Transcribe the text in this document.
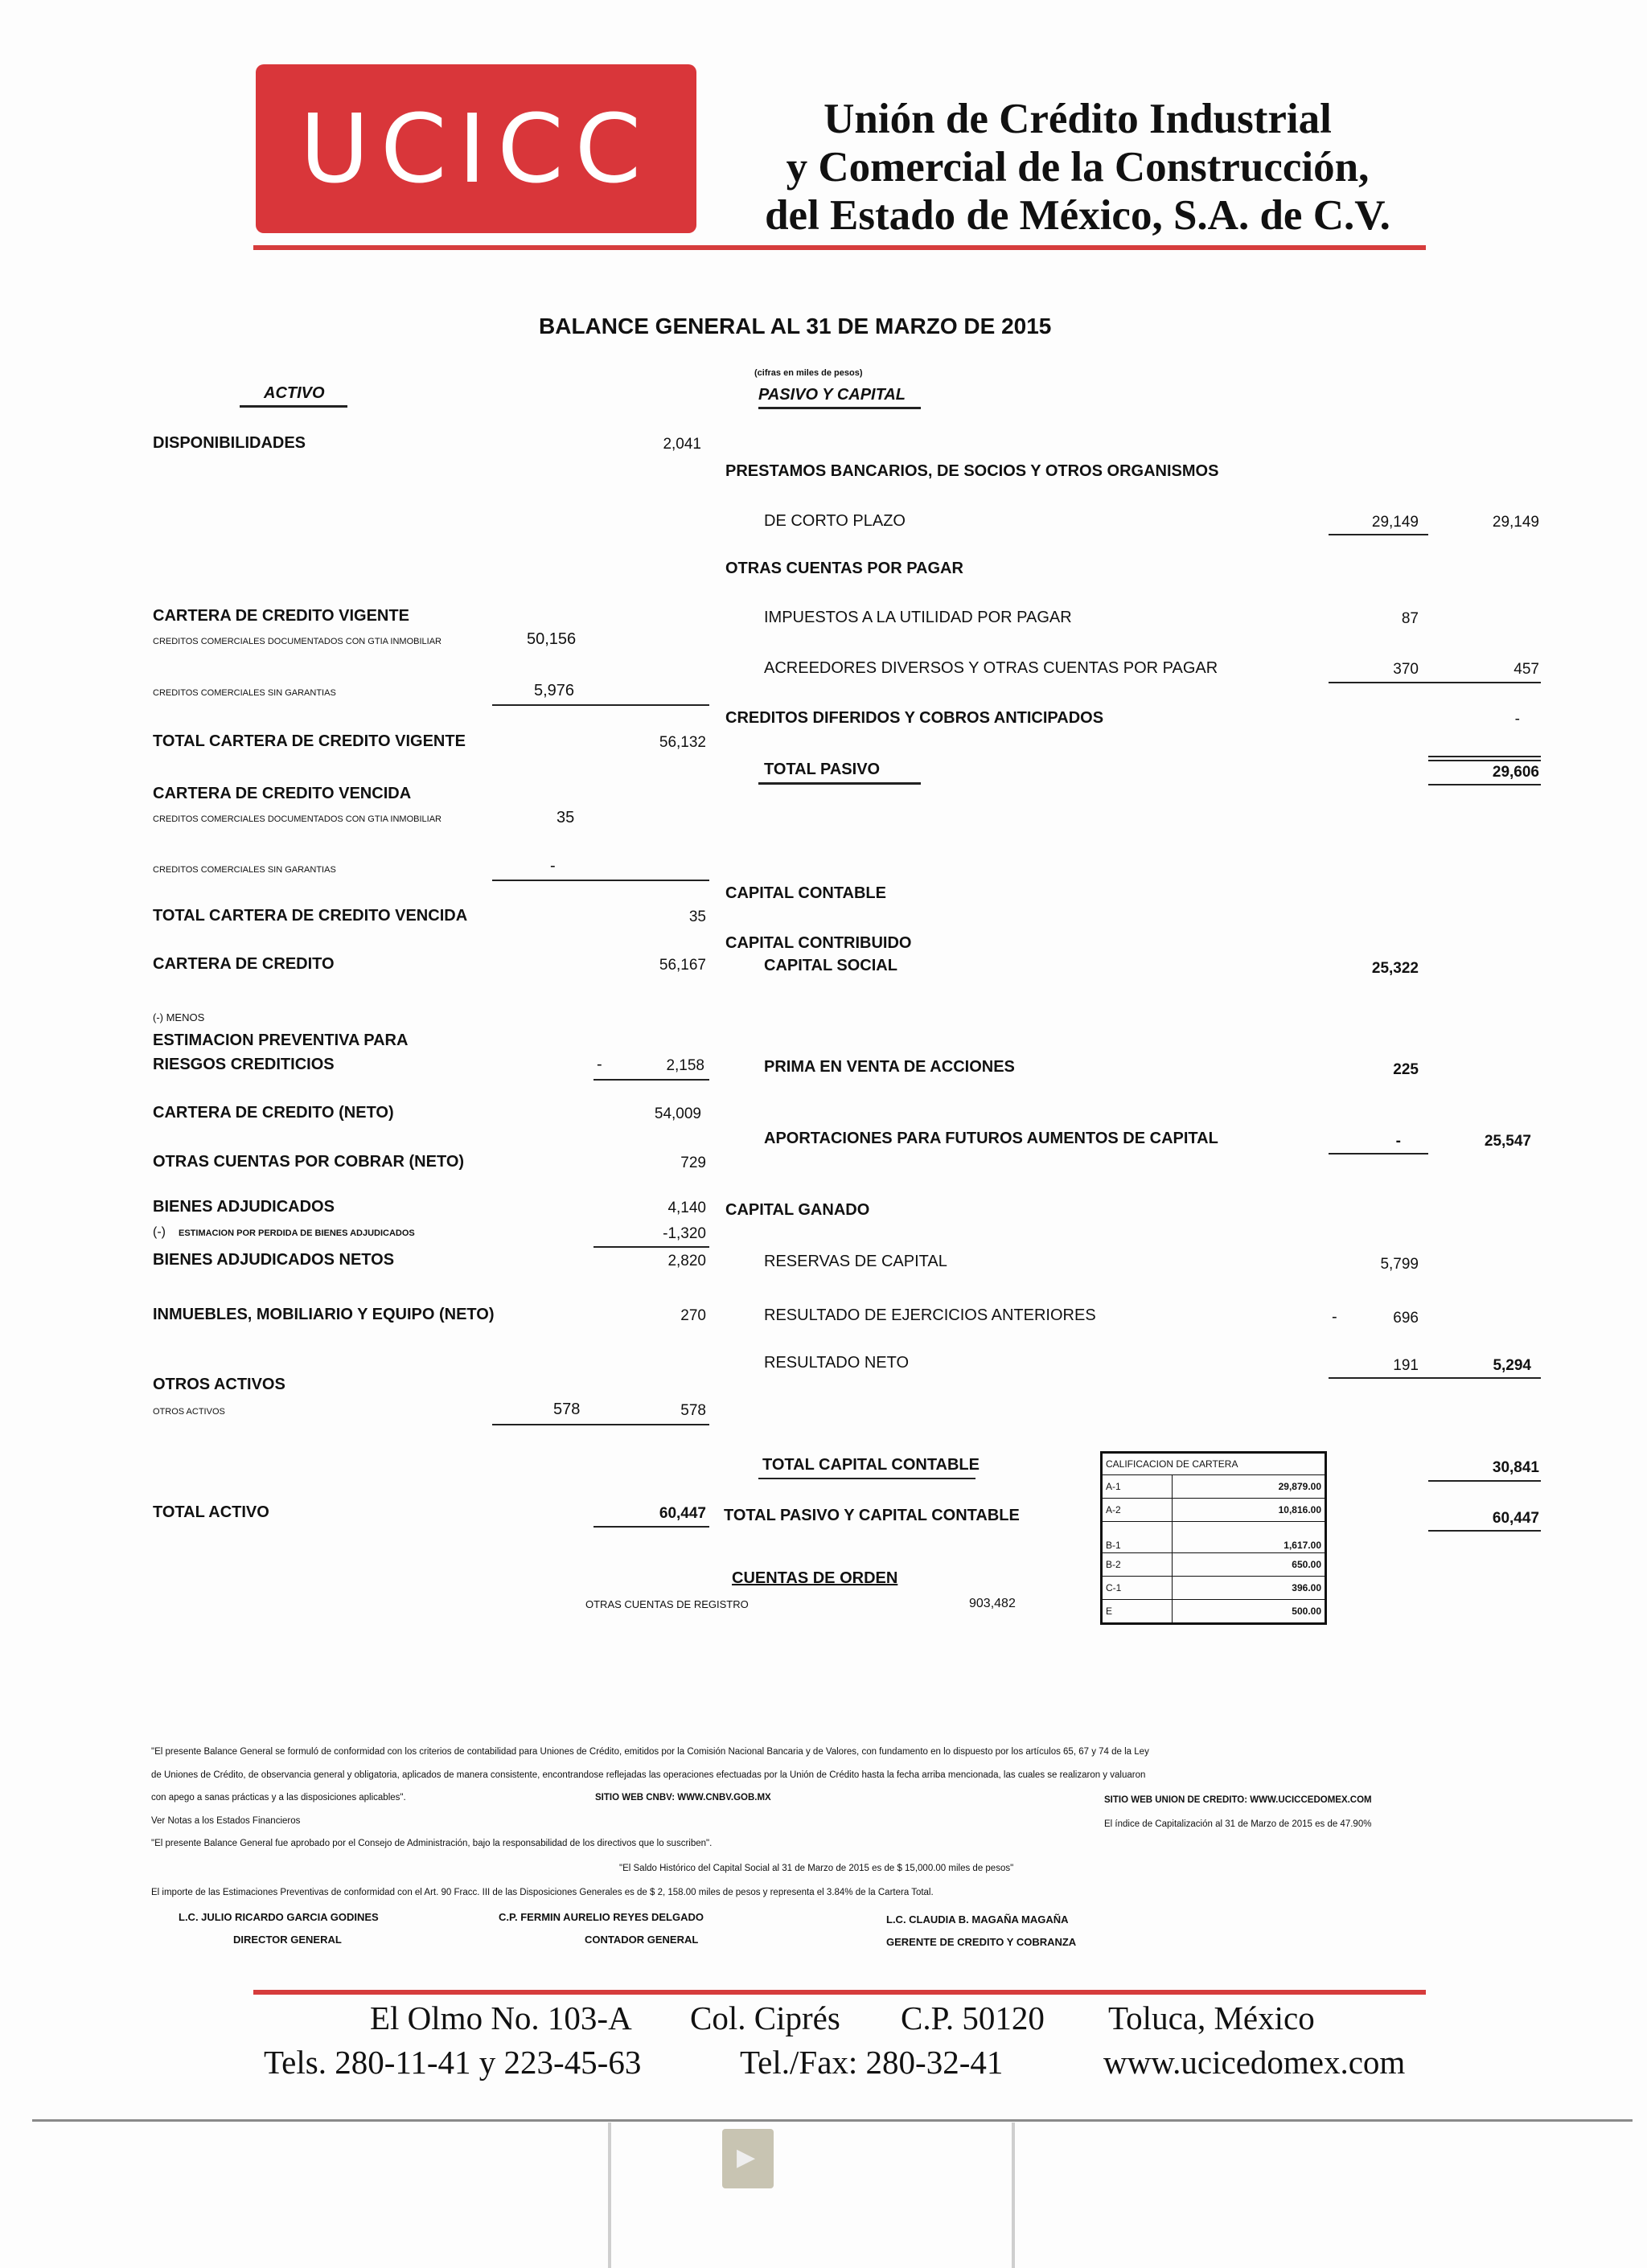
UCICC	Unión de Crédito Industrial
y Comercial de la Construcción,
del Estado de México, S.A. de C.V.
BALANCE GENERAL AL 31 DE MARZO DE 2015
(cifras en miles de pesos)
ACTIVO
DISPONIBILIDADES	2,041
CARTERA DE CREDITO VIGENTE
CREDITOS COMERCIALES DOCUMENTADOS CON GTIA INMOBILIAR	50,156
CREDITOS COMERCIALES SIN GARANTIAS	5,976
TOTAL CARTERA DE CREDITO VIGENTE	56,132
CARTERA DE CREDITO VENCIDA
CREDITOS COMERCIALES DOCUMENTADOS CON GTIA INMOBILIAR	35
CREDITOS COMERCIALES SIN GARANTIAS	-
TOTAL CARTERA DE CREDITO VENCIDA	35
CARTERA DE CREDITO	56,167
(-) MENOS
ESTIMACION PREVENTIVA PARA
RIESGOS CREDITICIOS	-	2,158
CARTERA DE CREDITO (NETO)	54,009
OTRAS CUENTAS POR COBRAR (NETO)	729
BIENES ADJUDICADOS	4,140
(-) ESTIMACION POR PERDIDA DE BIENES ADJUDICADOS	-1,320
BIENES ADJUDICADOS NETOS	2,820
INMUEBLES, MOBILIARIO Y EQUIPO (NETO)	270
OTROS ACTIVOS
OTROS ACTIVOS	578	578
TOTAL ACTIVO	60,447
PASIVO Y CAPITAL
PRESTAMOS BANCARIOS, DE SOCIOS Y OTROS ORGANISMOS
DE CORTO PLAZO	29,149	29,149
OTRAS CUENTAS POR PAGAR
IMPUESTOS A LA UTILIDAD POR PAGAR	87
ACREEDORES DIVERSOS Y OTRAS CUENTAS POR PAGAR	370	457
CREDITOS DIFERIDOS Y COBROS ANTICIPADOS	-
TOTAL PASIVO	29,606
CAPITAL CONTABLE
CAPITAL CONTRIBUIDO
CAPITAL SOCIAL	25,322
PRIMA EN VENTA DE ACCIONES	225
APORTACIONES PARA FUTUROS AUMENTOS DE CAPITAL	-	25,547
CAPITAL GANADO
RESERVAS DE CAPITAL	5,799
RESULTADO DE EJERCICIOS ANTERIORES	-	696
RESULTADO NETO	191	5,294
TOTAL CAPITAL CONTABLE	30,841
TOTAL PASIVO Y CAPITAL CONTABLE	60,447
CUENTAS DE ORDEN
OTRAS CUENTAS DE REGISTRO	903,482
CALIFICACION DE CARTERA	
A-1	29,879.00
A-2	10,816.00
B-1	1,617.00
B-2	650.00
C-1	396.00
E	500.00
"El presente Balance General se formuló de conformidad con los criterios de contabilidad para Uniones de Crédito, emitidos por la Comisión Nacional Bancaria y de Valores, con fundamento en lo dispuesto por los artículos 65, 67 y 74 de la Ley
de Uniones de Crédito, de observancia general y obligatoria, aplicados de manera consistente, encontrandose reflejadas las operaciones efectuadas por la Unión de Crédito hasta la fecha arriba mencionada, las cuales se realizaron y valuaron
con apego a sanas prácticas y a las disposiciones aplicables".	SITIO WEB CNBV: WWW.CNBV.GOB.MX	SITIO WEB UNION DE CREDITO: WWW.UCICCEDOMEX.COM
Ver Notas a los Estados Financieros	El índice de Capitalización al 31 de Marzo de 2015 es de 47.90%
"El presente Balance General fue aprobado por el Consejo de Administración, bajo la responsabilidad de los directivos que lo suscriben".
"El Saldo Histórico del Capital Social al 31 de Marzo de 2015 es de $ 15,000.00 miles de pesos"
El importe de las Estimaciones Preventivas de conformidad con el Art. 90 Fracc. III de las Disposiciones Generales es de $ 2, 158.00 miles de pesos y representa el 3.84% de la Cartera Total.
L.C. JULIO RICARDO GARCIA GODINES
DIRECTOR GENERAL
C.P. FERMIN AURELIO REYES DELGADO
CONTADOR GENERAL
L.C. CLAUDIA B. MAGAÑA MAGAÑA
GERENTE DE CREDITO Y COBRANZA
El Olmo No. 103-A Col. Ciprés C.P. 50120 Toluca, México
Tels. 280-11-41 y 223-45-63	Tel./Fax: 280-32-41	www.ucicedomex.com
▶
